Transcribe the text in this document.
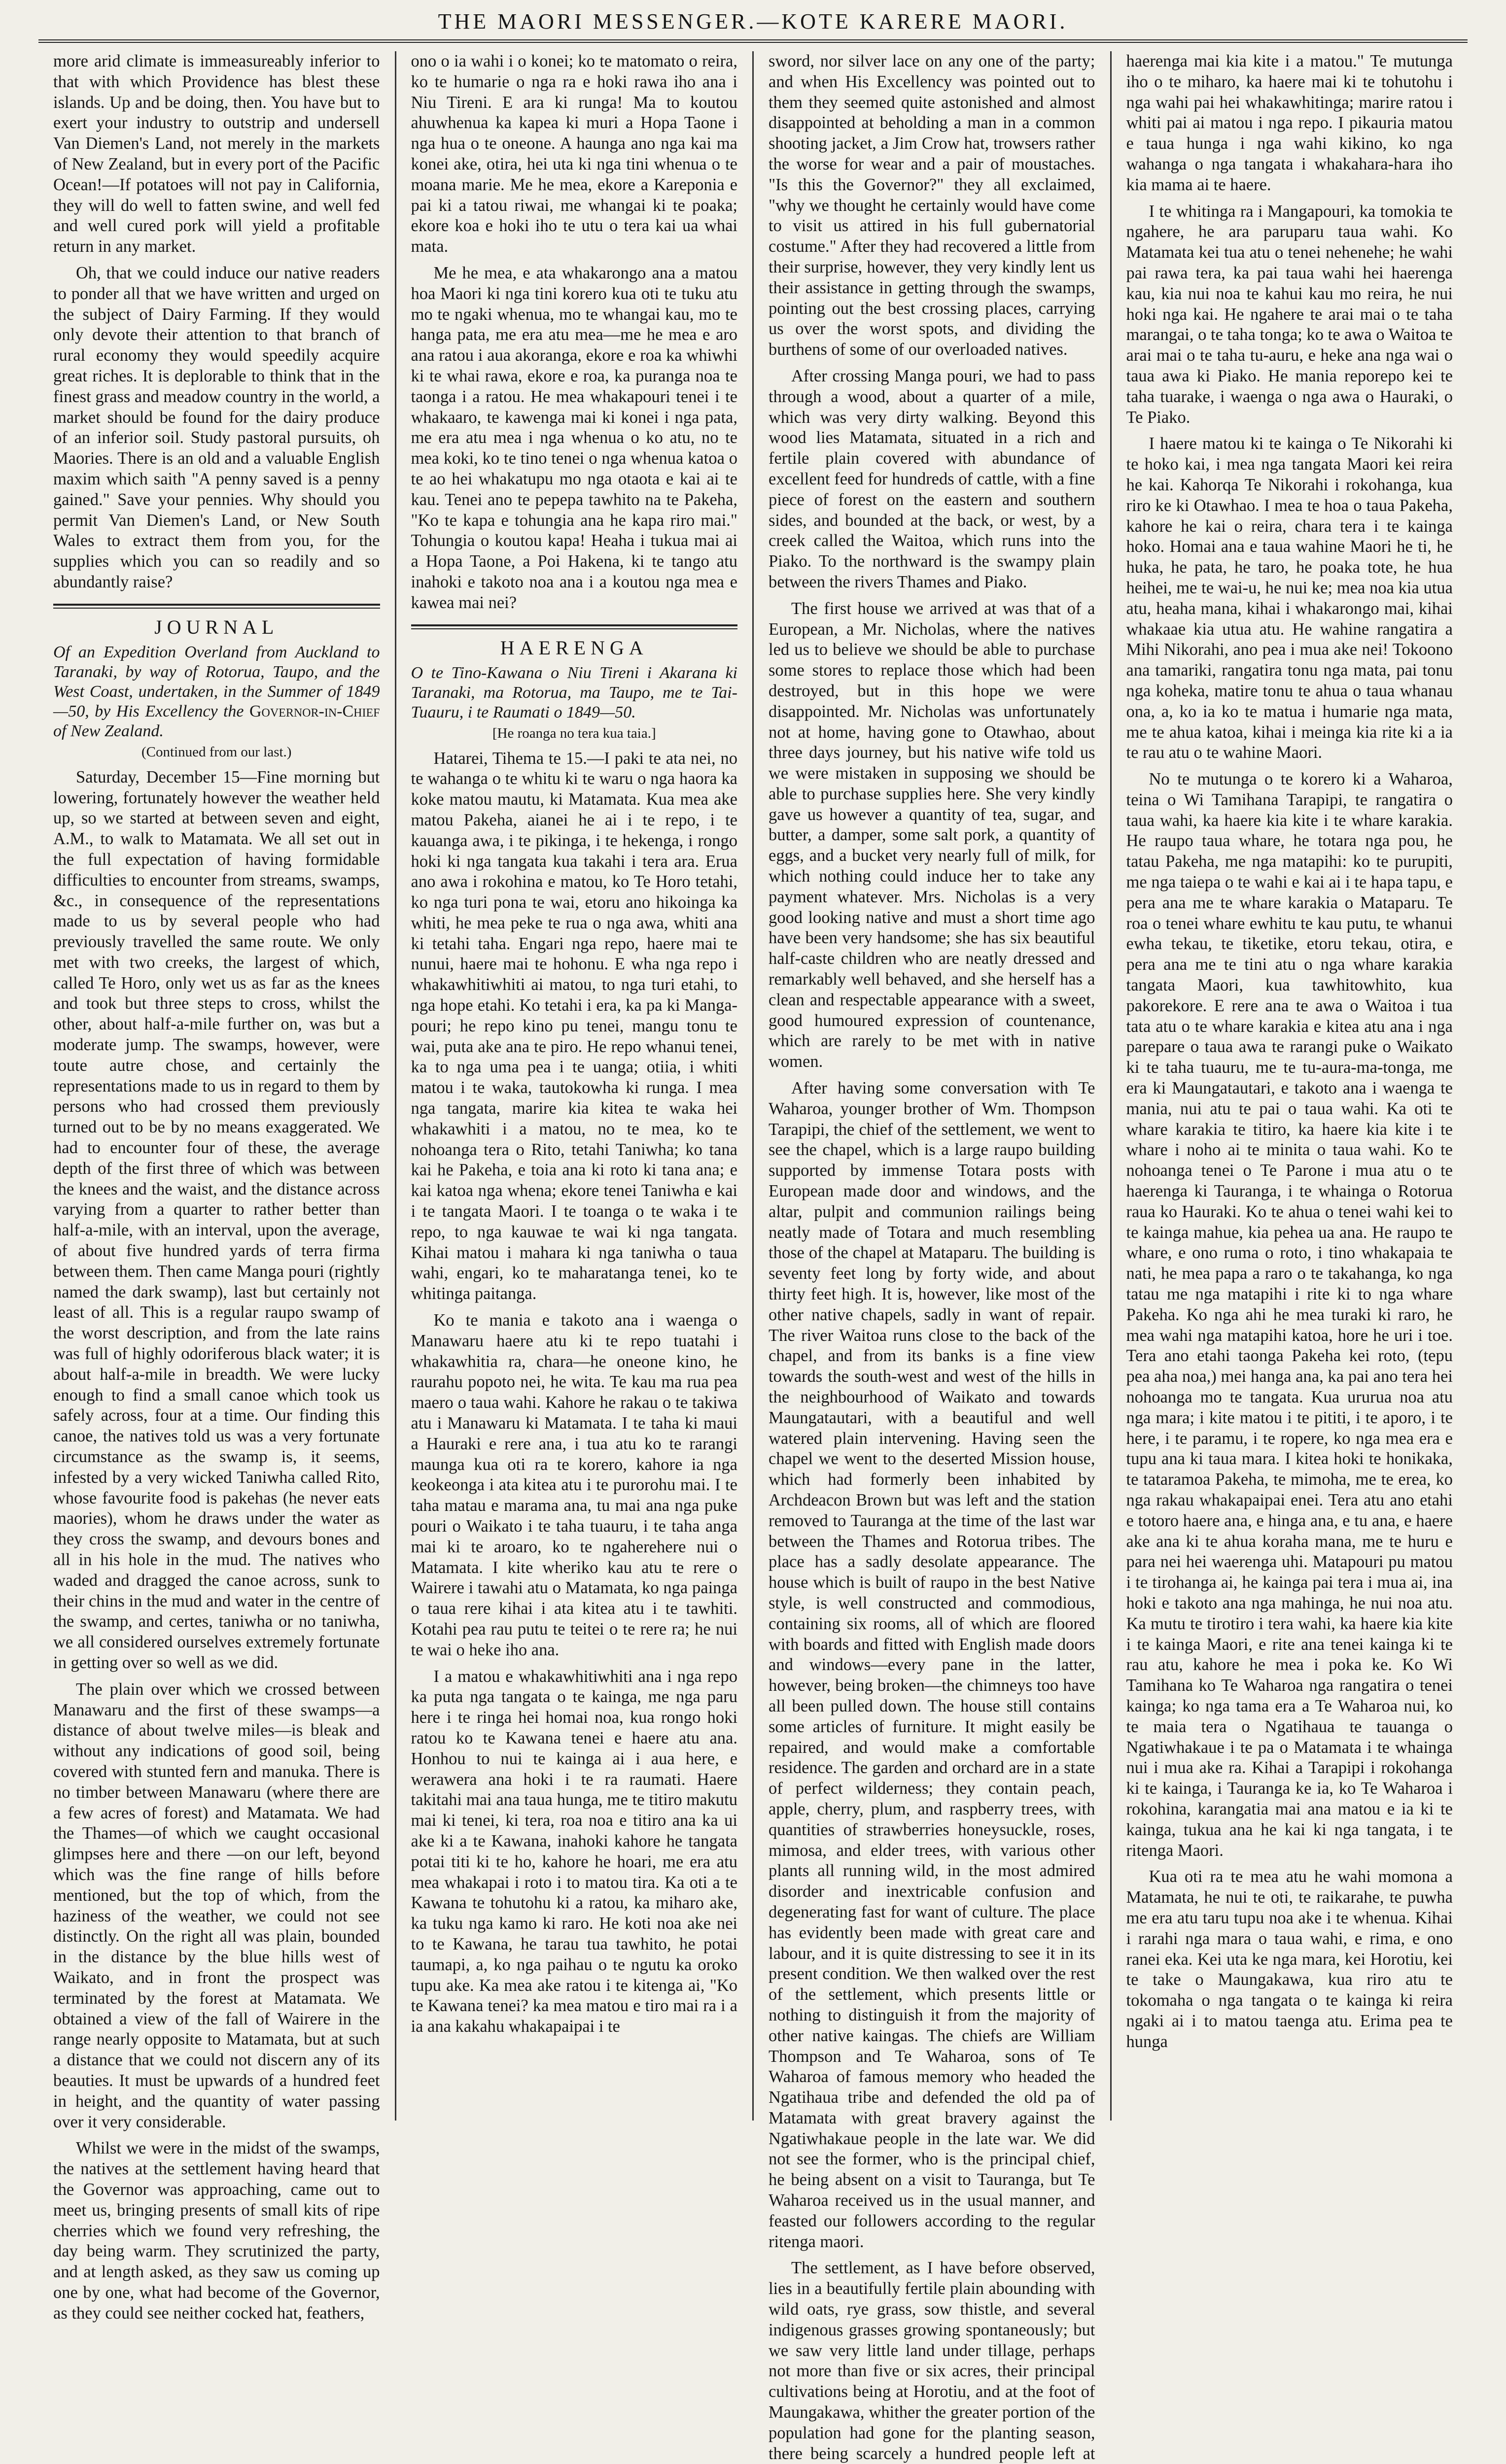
THE MAORI MESSENGER.—KOTE KARERE MAORI.

more arid climate is immeasureably inferior to that with which Providence has blest these islands. Up and be doing, then. You have but to exert your industry to outstrip and undersell Van Diemen's Land, not merely in the markets of New Zealand, but in every port of the Pacific Ocean!—If potatoes will not pay in California, they will do well to fatten swine, and well fed and well cured pork will yield a profitable return in any market.

Oh, that we could induce our native readers to ponder all that we have written and urged on the subject of Dairy Farming. If they would only devote their attention to that branch of rural economy they would speedily acquire great riches. It is deplorable to think that in the finest grass and meadow country in the world, a market should be found for the dairy produce of an inferior soil. Study pastoral pursuits, oh Maories. There is an old and a valuable English maxim which saith "A penny saved is a penny gained." Save your pennies. Why should you permit Van Diemen's Land, or New South Wales to extract them from you, for the supplies which you can so readily and so abundantly raise?

JOURNAL
Of an Expedition Overland from Auckland to Taranaki, by way of Rotorua, Taupo, and the West Coast, undertaken, in the Summer of 1849—50, by His Excellency the Governor-in-Chief of New Zealand.
(Continued from our last.)

Saturday, December 15—Fine morning but lowering, fortunately however the weather held up, so we started at between seven and eight, A.M., to walk to Matamata. We all set out in the full expectation of having formidable difficulties to encounter from streams, swamps, &c., in consequence of the representations made to us by several people who had previously travelled the same route. We only met with two creeks, the largest of which, called Te Horo, only wet us as far as the knees and took but three steps to cross, whilst the other, about half-a-mile further on, was but a moderate jump. The swamps, however, were toute autre chose, and certainly the representations made to us in regard to them by persons who had crossed them previously turned out to be by no means exaggerated. We had to encounter four of these, the average depth of the first three of which was between the knees and the waist, and the distance across varying from a quarter to rather better than half-a-mile, with an interval, upon the average, of about five hundred yards of terra firma between them. Then came Manga pouri (rightly named the dark swamp), last but certainly not least of all. This is a regular raupo swamp of the worst description, and from the late rains was full of highly odoriferous black water; it is about half-a-mile in breadth. We were lucky enough to find a small canoe which took us safely across, four at a time. Our finding this canoe, the natives told us was a very fortunate circumstance as the swamp is, it seems, infested by a very wicked Taniwha called Rito, whose favourite food is pakehas (he never eats maories), whom he draws under the water as they cross the swamp, and devours bones and all in his hole in the mud. The natives who waded and dragged the canoe across, sunk to their chins in the mud and water in the centre of the swamp, and certes, taniwha or no taniwha, we all considered ourselves extremely fortunate in getting over so well as we did.

The plain over which we crossed between Manawaru and the first of these swamps—a distance of about twelve miles—is bleak and without any indications of good soil, being covered with stunted fern and manuka. There is no timber between Manawaru (where there are a few acres of forest) and Matamata. We had the Thames—of which we caught occasional glimpses here and there —on our left, beyond which was the fine range of hills before mentioned, but the top of which, from the haziness of the weather, we could not see distinctly. On the right all was plain, bounded in the distance by the blue hills west of Waikato, and in front the prospect was terminated by the forest at Matamata. We obtained a view of the fall of Wairere in the range nearly opposite to Matamata, but at such a distance that we could not discern any of its beauties. It must be upwards of a hundred feet in height, and the quantity of water passing over it very considerable.

Whilst we were in the midst of the swamps, the natives at the settlement having heard that the Governor was approaching, came out to meet us, bringing presents of small kits of ripe cherries which we found very refreshing, the day being warm. They scrutinized the party, and at length asked, as they saw us coming up one by one, what had become of the Governor, as they could see neither cocked hat, feathers,

ono o ia wahi i o konei; ko te matomato o reira, ko te humarie o nga ra e hoki rawa iho ana i Niu Tireni. E ara ki runga! Ma to koutou ahuwhenua ka kapea ki muri a Hopa Taone i nga hua o te oneone. A haunga ano nga kai ma konei ake, otira, hei uta ki nga tini whenua o te moana marie. Me he mea, ekore a Kareponia e pai ki a tatou riwai, me whangai ki te poaka; ekore koa e hoki iho te utu o tera kai ua whai mata.

Me he mea, e ata whakarongo ana a matou hoa Maori ki nga tini korero kua oti te tuku atu mo te ngaki whenua, mo te whangai kau, mo te hanga pata, me era atu mea—me he mea e aro ana ratou i aua akoranga, ekore e roa ka whiwhi ki te whai rawa, ekore e roa, ka puranga noa te taonga i a ratou. He mea whakapouri tenei i te whakaaro, te kawenga mai ki konei i nga pata, me era atu mea i nga whenua o ko atu, no te mea koki, ko te tino tenei o nga whenua katoa o te ao hei whakatupu mo nga otaota e kai ai te kau. Tenei ano te pepepa tawhito na te Pakeha, "Ko te kapa e tohungia ana he kapa riro mai." Tohungia o koutou kapa! Heaha i tukua mai ai a Hopa Taone, a Poi Hakena, ki te tango atu inahoki e takoto noa ana i a koutou nga mea e kawea mai nei?

HAERENGA
O te Tino-Kawana o Niu Tireni i Akarana ki Taranaki, ma Rotorua, ma Taupo, me te Tai-Tuauru, i te Raumati o 1849—50.
[He roanga no tera kua taia.]

Hatarei, Tihema te 15.—I paki te ata nei, no te wahanga o te whitu ki te waru o nga haora ka koke matou mautu, ki Matamata. Kua mea ake matou Pakeha, aianei he ai i te repo, i te kauanga awa, i te pikinga, i te hekenga, i rongo hoki ki nga tangata kua takahi i tera ara. Erua ano awa i rokohina e matou, ko Te Horo tetahi, ko nga turi pona te wai, etoru ano hikoinga ka whiti, he mea peke te rua o nga awa, whiti ana ki tetahi taha. Engari nga repo, haere mai te nunui, haere mai te hohonu. E wha nga repo i whakawhitiwhiti ai matou, to nga turi etahi, to nga hope etahi. Ko tetahi i era, ka pa ki Manga-pouri; he repo kino pu tenei, mangu tonu te wai, puta ake ana te piro. He repo whanui tenei, ka to nga uma pea i te uanga; otiia, i whiti matou i te waka, tautokowha ki runga. I mea nga tangata, marire kia kitea te waka hei whakawhiti i a matou, no te mea, ko te nohoanga tera o Rito, tetahi Taniwha; ko tana kai he Pakeha, e toia ana ki roto ki tana ana; e kai katoa nga whena; ekore tenei Taniwha e kai i te tangata Maori. I te toanga o te waka i te repo, to nga kauwae te wai ki nga tangata. Kihai matou i mahara ki nga taniwha o taua wahi, engari, ko te maharatanga tenei, ko te whitinga paitanga.

Ko te mania e takoto ana i waenga o Manawaru haere atu ki te repo tuatahi i whakawhitia ra, chara—he oneone kino, he raurahu popoto nei, he wita. Te kau ma rua pea maero o taua wahi. Kahore he rakau o te takiwa atu i Manawaru ki Matamata. I te taha ki maui a Hauraki e rere ana, i tua atu ko te rarangi maunga kua oti ra te korero, kahore ia nga keokeonga i ata kitea atu i te purorohu mai. I te taha matau e marama ana, tu mai ana nga puke pouri o Waikato i te taha tuauru, i te taha anga mai ki te aroaro, ko te ngaherehere nui o Matamata. I kite wheriko kau atu te rere o Wairere i tawahi atu o Matamata, ko nga painga o taua rere kihai i ata kitea atu i te tawhiti. Kotahi pea rau putu te teitei o te rere ra; he nui te wai o heke iho ana.

I a matou e whakawhitiwhiti ana i nga repo ka puta nga tangata o te kainga, me nga paru here i te ringa hei homai noa, kua rongo hoki ratou ko te Kawana tenei e haere atu ana. Honhou to nui te kainga ai i aua here, e werawera ana hoki i te ra raumati. Haere takitahi mai ana taua hunga, me te titiro makutu mai ki tenei, ki tera, roa noa e titiro ana ka ui ake ki a te Kawana, inahoki kahore he tangata potai titi ki te ho, kahore he hoari, me era atu mea whakapai i roto i to matou tira. Ka oti a te Kawana te tohutohu ki a ratou, ka miharo ake, ka tuku nga kamo ki raro. He koti noa ake nei to te Kawana, he tarau tua tawhito, he potai taumapi, a, ko nga paihau o te ngutu ka oroko tupu ake. Ka mea ake ratou i te kitenga ai, "Ko te Kawana tenei? ka mea matou e tiro mai ra i a ia ana kakahu whakapaipai i te

sword, nor silver lace on any one of the party; and when His Excellency was pointed out to them they seemed quite astonished and almost disappointed at beholding a man in a common shooting jacket, a Jim Crow hat, trowsers rather the worse for wear and a pair of moustaches. "Is this the Governor?" they all exclaimed, "why we thought he certainly would have come to visit us attired in his full gubernatorial costume." After they had recovered a little from their surprise, however, they very kindly lent us their assistance in getting through the swamps, pointing out the best crossing places, carrying us over the worst spots, and dividing the burthens of some of our overloaded natives.

After crossing Manga pouri, we had to pass through a wood, about a quarter of a mile, which was very dirty walking. Beyond this wood lies Matamata, situated in a rich and fertile plain covered with abundance of excellent feed for hundreds of cattle, with a fine piece of forest on the eastern and southern sides, and bounded at the back, or west, by a creek called the Waitoa, which runs into the Piako. To the northward is the swampy plain between the rivers Thames and Piako.

The first house we arrived at was that of a European, a Mr. Nicholas, where the natives led us to believe we should be able to purchase some stores to replace those which had been destroyed, but in this hope we were disappointed. Mr. Nicholas was unfortunately not at home, having gone to Otawhao, about three days journey, but his native wife told us we were mistaken in supposing we should be able to purchase supplies here. She very kindly gave us however a quantity of tea, sugar, and butter, a damper, some salt pork, a quantity of eggs, and a bucket very nearly full of milk, for which nothing could induce her to take any payment whatever. Mrs. Nicholas is a very good looking native and must a short time ago have been very handsome; she has six beautiful half-caste children who are neatly dressed and remarkably well behaved, and she herself has a clean and respectable appearance with a sweet, good humoured expression of countenance, which are rarely to be met with in native women.

After having some conversation with Te Waharoa, younger brother of Wm. Thompson Tarapipi, the chief of the settlement, we went to see the chapel, which is a large raupo building supported by immense Totara posts with European made door and windows, and the altar, pulpit and communion railings being neatly made of Totara and much resembling those of the chapel at Mataparu. The building is seventy feet long by forty wide, and about thirty feet high. It is, however, like most of the other native chapels, sadly in want of repair. The river Waitoa runs close to the back of the chapel, and from its banks is a fine view towards the south-west and west of the hills in the neighbourhood of Waikato and towards Maungatautari, with a beautiful and well watered plain intervening. Having seen the chapel we went to the deserted Mission house, which had formerly been inhabited by Archdeacon Brown but was left and the station removed to Tauranga at the time of the last war between the Thames and Rotorua tribes. The place has a sadly desolate appearance. The house which is built of raupo in the best Native style, is well constructed and commodious, containing six rooms, all of which are floored with boards and fitted with English made doors and windows—every pane in the latter, however, being broken—the chimneys too have all been pulled down. The house still contains some articles of furniture. It might easily be repaired, and would make a comfortable residence. The garden and orchard are in a state of perfect wilderness; they contain peach, apple, cherry, plum, and raspberry trees, with quantities of strawberries honeysuckle, roses, mimosa, and elder trees, with various other plants all running wild, in the most admired disorder and inextricable confusion and degenerating fast for want of culture. The place has evidently been made with great care and labour, and it is quite distressing to see it in its present condition. We then walked over the rest of the settlement, which presents little or nothing to distinguish it from the majority of other native kaingas. The chiefs are William Thompson and Te Waharoa, sons of Te Waharoa of famous memory who headed the Ngatihaua tribe and defended the old pa of Matamata with great bravery against the Ngatiwhakaue people in the late war. We did not see the former, who is the principal chief, he being absent on a visit to Tauranga, but Te Waharoa received us in the usual manner, and feasted our followers according to the regular ritenga maori.

The settlement, as I have before observed, lies in a beautifully fertile plain abounding with wild oats, rye grass, sow thistle, and several indigenous grasses growing spontaneously; but we saw very little land under tillage, perhaps not more than five or six acres, their principal cultivations being at Horotiu, and at the foot of Maungakawa, whither the greater portion of the population had gone for the planting season, there being scarcely a hundred people left at

haerenga mai kia kite i a matou." Te mutunga iho o te miharo, ka haere mai ki te tohutohu i nga wahi pai hei whakawhitinga; marire ratou i whiti pai ai matou i nga repo. I pikauria matou e taua hunga i nga wahi kikino, ko nga wahanga o nga tangata i whakahara-hara iho kia mama ai te haere.

I te whitinga ra i Mangapouri, ka tomokia te ngahere, he ara paruparu taua wahi. Ko Matamata kei tua atu o tenei nehenehe; he wahi pai rawa tera, ka pai taua wahi hei haerenga kau, kia nui noa te kahui kau mo reira, he nui hoki nga kai. He ngahere te arai mai o te taha marangai, o te taha tonga; ko te awa o Waitoa te arai mai o te taha tu-auru, e heke ana nga wai o taua awa ki Piako. He mania reporepo kei te taha tuarake, i waenga o nga awa o Hauraki, o Te Piako.

I haere matou ki te kainga o Te Nikorahi ki te hoko kai, i mea nga tangata Maori kei reira he kai. Kahorqa Te Nikorahi i rokohanga, kua riro ke ki Otawhao. I mea te hoa o taua Pakeha, kahore he kai o reira, chara tera i te kainga hoko. Homai ana e taua wahine Maori he ti, he huka, he pata, he taro, he poaka tote, he hua heihei, me te wai-u, he nui ke; mea noa kia utua atu, heaha mana, kihai i whakarongo mai, kihai whakaae kia utua atu. He wahine rangatira a Mihi Nikorahi, ano pea i mua ake nei! Tokoono ana tamariki, rangatira tonu nga mata, pai tonu nga koheka, matire tonu te ahua o taua whanau ona, a, ko ia ko te matua i humarie nga mata, me te ahua katoa, kihai i meinga kia rite ki a ia te rau atu o te wahine Maori.

No te mutunga o te korero ki a Waharoa, teina o Wi Tamihana Tarapipi, te rangatira o taua wahi, ka haere kia kite i te whare karakia. He raupo taua whare, he totara nga pou, he tatau Pakeha, me nga matapihi: ko te purupiti, me nga taiepa o te wahi e kai ai i te hapa tapu, e pera ana me te whare karakia o Mataparu. Te roa o tenei whare ewhitu te kau putu, te whanui ewha tekau, te tiketike, etoru tekau, otira, e pera ana me te tini atu o nga whare karakia tangata Maori, kua tawhitowhito, kua pakorekore. E rere ana te awa o Waitoa i tua tata atu o te whare karakia e kitea atu ana i nga parepare o taua awa te rarangi puke o Waikato ki te taha tuauru, me te tu-aura-ma-tonga, me era ki Maungatautari, e takoto ana i waenga te mania, nui atu te pai o taua wahi. Ka oti te whare karakia te titiro, ka haere kia kite i te whare i noho ai te minita o taua wahi. Ko te nohoanga tenei o Te Parone i mua atu o te haerenga ki Tauranga, i te whainga o Rotorua raua ko Hauraki. Ko te ahua o tenei wahi kei to te kainga mahue, kia pehea ua ana. He raupo te whare, e ono ruma o roto, i tino whakapaia te nati, he mea papa a raro o te takahanga, ko nga tatau me nga matapihi i rite ki to nga whare Pakeha. Ko nga ahi he mea turaki ki raro, he mea wahi nga matapihi katoa, hore he uri i toe. Tera ano etahi taonga Pakeha kei roto, (tepu pea aha noa,) mei hanga ana, ka pai ano tera hei nohoanga mo te tangata. Kua ururua noa atu nga mara; i kite matou i te pititi, i te aporo, i te here, i te paramu, i te ropere, ko nga mea era e tupu ana ki taua mara. I kitea hoki te honikaka, te tataramoa Pakeha, te mimoha, me te erea, ko nga rakau whakapaipai enei. Tera atu ano etahi e totoro haere ana, e hinga ana, e tu ana, e haere ake ana ki te ahua koraha mana, me te huru e para nei hei waerenga uhi. Matapouri pu matou i te tirohanga ai, he kainga pai tera i mua ai, ina hoki e takoto ana nga mahinga, he nui noa atu. Ka mutu te tirotiro i tera wahi, ka haere kia kite i te kainga Maori, e rite ana tenei kainga ki te rau atu, kahore he mea i poka ke. Ko Wi Tamihana ko Te Waharoa nga rangatira o tenei kainga; ko nga tama era a Te Waharoa nui, ko te maia tera o Ngatihaua te tauanga o Ngatiwhakaue i te pa o Matamata i te whainga nui i mua ake ra. Kihai a Tarapipi i rokohanga ki te kainga, i Tauranga ke ia, ko Te Waharoa i rokohina, karangatia mai ana matou e ia ki te kainga, tukua ana he kai ki nga tangata, i te ritenga Maori.

Kua oti ra te mea atu he wahi momona a Matamata, he nui te oti, te raikarahe, te puwha me era atu taru tupu noa ake i te whenua. Kihai i rarahi nga mara o taua wahi, e rima, e ono ranei eka. Kei uta ke nga mara, kei Horotiu, kei te take o Maungakawa, kua riro atu te tokomaha o nga tangata o te kainga ki reira ngaki ai i to matou taenga atu. Erima pea te hunga
